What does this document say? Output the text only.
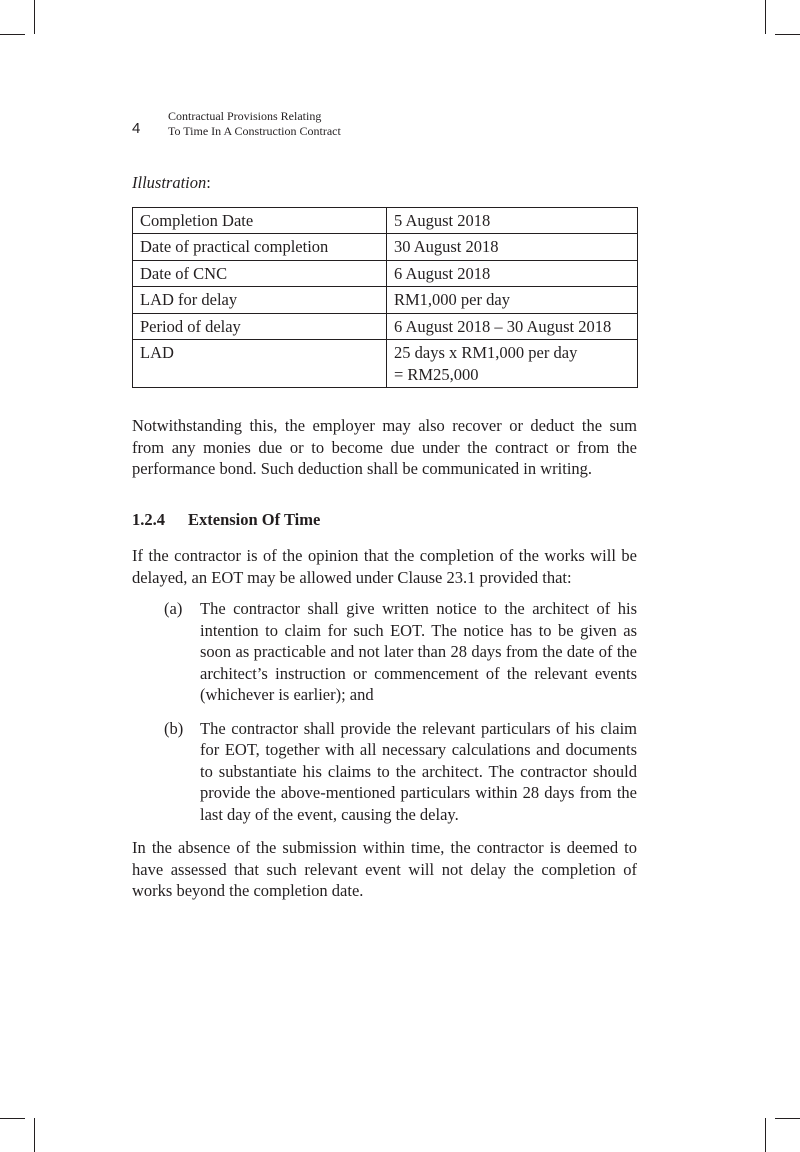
4
Contractual Provisions Relating
To Time In A Construction Contract

Illustration:

Completion Date	5 August 2018

Date of practical completion	30 August 2018

Date of CNC	6 August 2018

LAD for delay	RM1,000 per day

Period of delay	6 August 2018 – 30 August 2018

LAD	25 days x RM1,000 per day
= RM25,000

Notwithstanding this, the employer may also recover or deduct the sum from any monies due or to become due under the contract or from the performance bond. Such deduction shall be communicated in writing.

1.2.4 Extension Of Time

If the contractor is of the opinion that the completion of the works will be delayed, an EOT may be allowed under Clause 23.1 provided that:

(a)	The contractor shall give written notice to the architect of his intention to claim for such EOT. The notice has to be given as soon as practicable and not later than 28 days from the date of the architect’s instruction or commencement of the relevant events (whichever is earlier); and
(b)	The contractor shall provide the relevant particulars of his claim for EOT, together with all necessary calculations and documents to substantiate his claims to the architect. The contractor should provide the above-mentioned particulars within 28 days from the last day of the event, causing the delay.

In the absence of the submission within time, the contractor is deemed to have assessed that such relevant event will not delay the completion of works beyond the completion date.
